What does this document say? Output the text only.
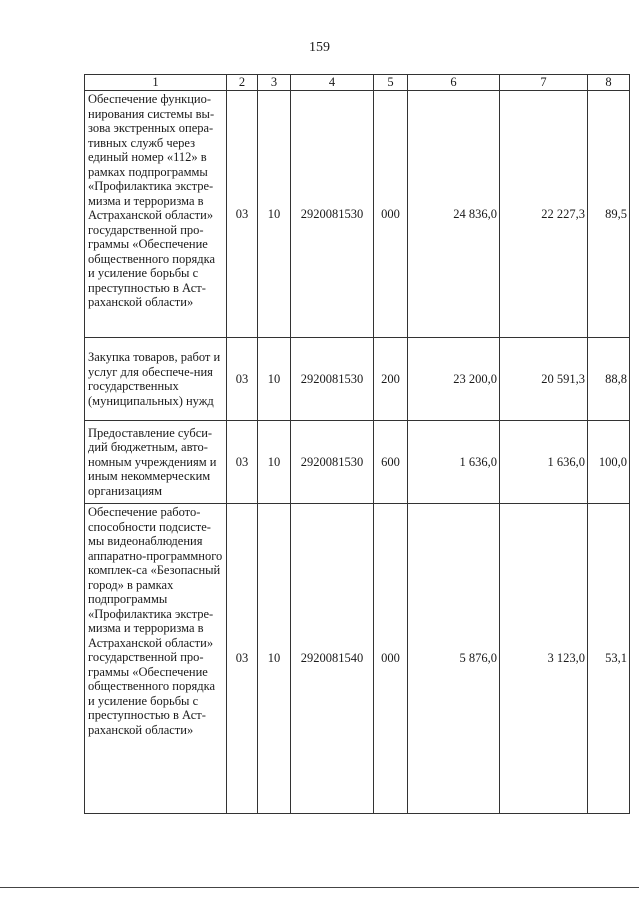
159
1	2	3	4	5	6	7	8
Обеспечение функцио-нирования системы вы-зова экстренных опера-тивных служб через единый номер «112» в рамках подпрограммы «Профилактика экстре-мизма и терроризма в Астраханской области» государственной про-граммы «Обеспечение общественного порядка и усиление борьбы с преступностью в Аст-раханской области»	03	10	2920081530	000	24 836,0	22 227,3	89,5
Закупка товаров, работ и услуг для обеспече-ния государственных (муниципальных) нужд	03	10	2920081530	200	23 200,0	20 591,3	88,8
Предоставление субси-дий бюджетным, авто-номным учреждениям и иным некоммерческим организациям	03	10	2920081530	600	1 636,0	1 636,0	100,0
Обеспечение работо-способности подсисте-мы видеонаблюдения аппаратно-программного комплек-са «Безопасный город» в рамках подпрограммы «Профилактика экстре-мизма и терроризма в Астраханской области» государственной про-граммы «Обеспечение общественного порядка и усиление борьбы с преступностью в Аст-раханской области»	03	10	2920081540	000	5 876,0	3 123,0	53,1
